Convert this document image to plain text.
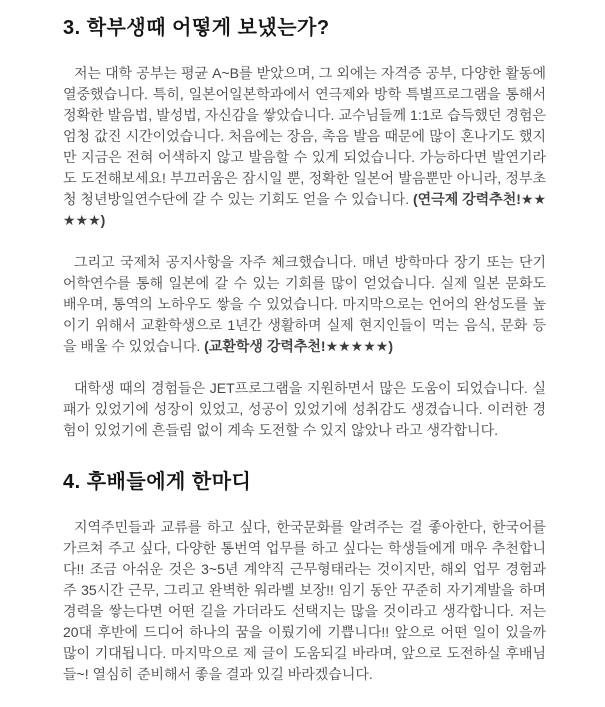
3. 학부생때 어떻게 보냈는가?

저는 대학 공부는 평균 A~B를 받았으며, 그 외에는 자격증 공부, 다양한 활동에 열중했습니다. 특히, 일본어일본학과에서 연극제와 방학 특별프로그램을 통해서 정확한 발음법, 발성법, 자신감을 쌓았습니다. 교수님들께 1:1로 습득했던 경험은 엄청 값진 시간이었습니다. 처음에는 장음, 촉음 발음 때문에 많이 혼나기도 했지만 지금은 전혀 어색하지 않고 발음할 수 있게 되었습니다. 가능하다면 발연기라도 도전해보세요! 부끄러움은 잠시일 뿐, 정확한 일본어 발음뿐만 아니라, 정부초청 청년방일연수단에 갈 수 있는 기회도 얻을 수 있습니다. (연극제 강력추천!★★★★★)

그리고 국제처 공지사항을 자주 체크했습니다. 매년 방학마다 장기 또는 단기 어학연수를 통해 일본에 갈 수 있는 기회를 많이 얻었습니다. 실제 일본 문화도 배우며, 통역의 노하우도 쌓을 수 있었습니다. 마지막으로는 언어의 완성도를 높이기 위해서 교환학생으로 1년간 생활하며 실제 현지인들이 먹는 음식, 문화 등을 배울 수 있었습니다. (교환학생 강력추천!★★★★★)

대학생 때의 경험들은 JET프로그램을 지원하면서 많은 도움이 되었습니다. 실패가 있었기에 성장이 있었고, 성공이 있었기에 성취감도 생겼습니다. 이러한 경험이 있었기에 흔들림 없이 계속 도전할 수 있지 않았나 라고 생각합니다.

4. 후배들에게 한마디

지역주민들과 교류를 하고 싶다, 한국문화를 알려주는 걸 좋아한다, 한국어를 가르쳐 주고 싶다, 다양한 통번역 업무를 하고 싶다는 학생들에게 매우 추천합니다!! 조금 아쉬운 것은 3~5년 계약직 근무형태라는 것이지만, 해외 업무 경험과 주 35시간 근무, 그리고 완벽한 워라벨 보장!! 임기 동안 꾸준히 자기계발을 하며 경력을 쌓는다면 어떤 길을 가더라도 선택지는 많을 것이라고 생각합니다. 저는 20대 후반에 드디어 하나의 꿈을 이뤘기에 기쁩니다!! 앞으로 어떤 일이 있을까 많이 기대됩니다. 마지막으로 제 글이 도움되길 바라며, 앞으로 도전하실 후배님들~! 열심히 준비해서 좋을 결과 있길 바라겠습니다.
